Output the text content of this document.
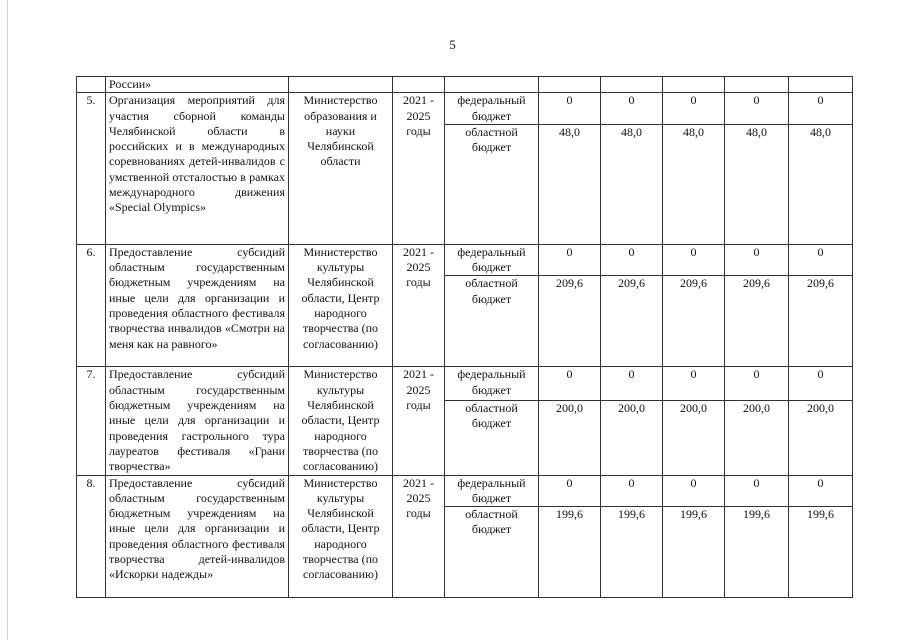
5
	России»								
5.	Организация мероприятий для участия сборной команды Челябинской области в российских и в международных соревнованиях детей-инвалидов с умственной отсталостью в рамках международного движения «Special Olympics»	Министерство образования и науки Челябинской области	2021 - 2025 годы	федеральный бюджет	0	0	0	0	0
				областной бюджет	48,0	48,0	48,0	48,0	48,0
6.	Предоставление субсидий областным государственным бюджетным учреждениям на иные цели для организации и проведения областного фестиваля творчества инвалидов «Смотри на меня как на равного»	Министерство культуры Челябинской области, Центр народного творчества (по согласованию)	2021 - 2025 годы	федеральный бюджет	0	0	0	0	0
				областной бюджет	209,6	209,6	209,6	209,6	209,6
7.	Предоставление субсидий областным государственным бюджетным учреждениям на иные цели для организации и проведения гастрольного тура лауреатов фестиваля «Грани творчества»	Министерство культуры Челябинской области, Центр народного творчества (по согласованию)	2021 - 2025 годы	федеральный бюджет	0	0	0	0	0
				областной бюджет	200,0	200,0	200,0	200,0	200,0
8.	Предоставление субсидий областным государственным бюджетным учреждениям на иные цели для организации и проведения областного фестиваля творчества детей-инвалидов «Искорки надежды»	Министерство культуры Челябинской области, Центр народного творчества (по согласованию)	2021 - 2025 годы	федеральный бюджет	0	0	0	0	0
				областной бюджет	199,6	199,6	199,6	199,6	199,6
